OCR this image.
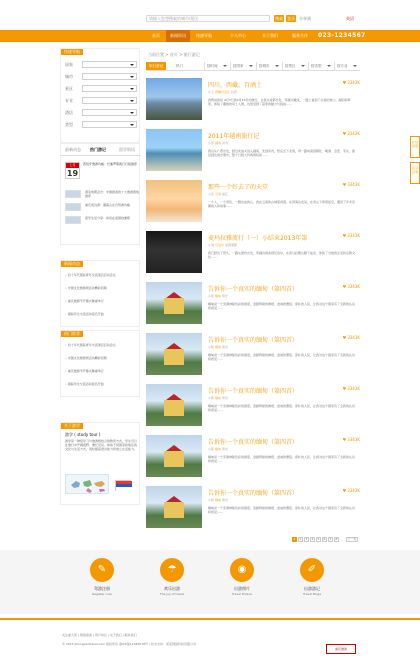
请输入您想搜索的城市/景区	搜索 登录 分享到	英语
首页	新闻资讯	快速导航	个人中心	关于我们	服务合作	023-1234567
当前位置 > 首页 > 旅行游记
快速导航
国家
城市
景区
专业
酒店
类型
最新动态 热门游记	留学资讯
七月
19
西班牙旅游攻略：巴塞罗那两日行程推荐
国家地理杂志：中国最美的十大旅游胜地推荐
重庆周边游：避暑山庄自驾游攻略
留学生活分享：如何在美国找兼职
新闻动态
• 四十年代国际青年交流项目启动会议
• 中国文化旅游周活动精彩回顾
• 重庆旅游节开幕式隆重举行
• 国际学生交流活动报名开始
热门推荐
• 四十年代国际青年交流项目启动会议
• 中国文化旅游周活动精彩回顾
• 重庆旅游节开幕式隆重举行
• 国际学生交流活动报名开始
关于游学
游学 ( study tour )
游学是一种将学习与旅游相结合的教育方式，学生可以在旅行中开阔视野、增长见识，体验不同国家和地区的文化与生活方式，同时提高语言能力和独立生活能力。
旅行游记	热门	按时间	按国家	按城市	按景区	按类型	按专业
四川，西藏，百酒土
小王 西藏自治区 拉萨
我想说的是 4月7日到4月13日的旅行，让我从成都出发，穿越川藏线，一路上看到了壮美的雪山、湖泊和草原，体验了藏族的风土人情，也感受到了高原的魅力与挑战……
♥ 3343K
2011年越南旅行记
小李 越南 河内
我们从广西出发，经过友谊关进入越南，先到河内，然后去下龙湾，再一路向南到顺化、岘港、会安、芽庄，最后到达胡志明市，整个行程大约两周时间……
♥ 3343K
那些一个好去了的天堂
小张 云南 丽江
一个人，一个背包，一颗自由的心。我在云南的古城里闲逛，在洱海边发呆，在雪山下仰望星空，遇见了许多有趣的人和故事……
♥ 3343K
麦玛拉雅流行（一）小结束2013年第
小刘 尼泊尔 加德满都
我已经出了很久，一路从国内出发，穿越边境来到尼泊尔，在喜马拉雅山脚下徒步，体验了当地的生活和宗教文化……
♥ 3343K
告诉你一个真实的缅甸（第四首）
小陈 缅甸 仰光
缅甸是一个充满神秘色彩的国度，金碧辉煌的佛塔、虔诚的僧侣、淳朴的人民，让我对这个国家有了全新的认识和感受……
♥ 3343K
告诉你一个真实的缅甸（第四首）
小陈 缅甸 仰光
缅甸是一个充满神秘色彩的国度，金碧辉煌的佛塔、虔诚的僧侣、淳朴的人民，让我对这个国家有了全新的认识和感受……
♥ 3343K
告诉你一个真实的缅甸（第四首）
小陈 缅甸 仰光
缅甸是一个充满神秘色彩的国度，金碧辉煌的佛塔、虔诚的僧侣、淳朴的人民，让我对这个国家有了全新的认识和感受……
♥ 3343K
告诉你一个真实的缅甸（第四首）
小陈 缅甸 仰光
缅甸是一个充满神秘色彩的国度，金碧辉煌的佛塔、虔诚的僧侣、淳朴的人民，让我对这个国家有了全新的认识和感受……
♥ 3343K
告诉你一个真实的缅甸（第四首）
小陈 缅甸 仰光
缅甸是一个充满神秘色彩的国度，金碧辉煌的佛塔、虔诚的僧侣、淳朴的人民，让我对这个国家有了全新的认识和感受……
♥ 3343K
1	2	3	4	5	6	7	8	下一页
✎
驾游注册
Register now
☂
欢乐出游
The joy of travel
◉
出游照片
Travel Photos
✐
出游游记
Travel Blogs
关注重大部 | 网络备案 | 用户协议 | 关于我们 | 联系我们
© 2013 zhongjiaotravel.com 版权所有 渝ICP备12345678号 | 技术支持：某某网络科技有限公司
重庆旅游
在线客服
意见反馈
